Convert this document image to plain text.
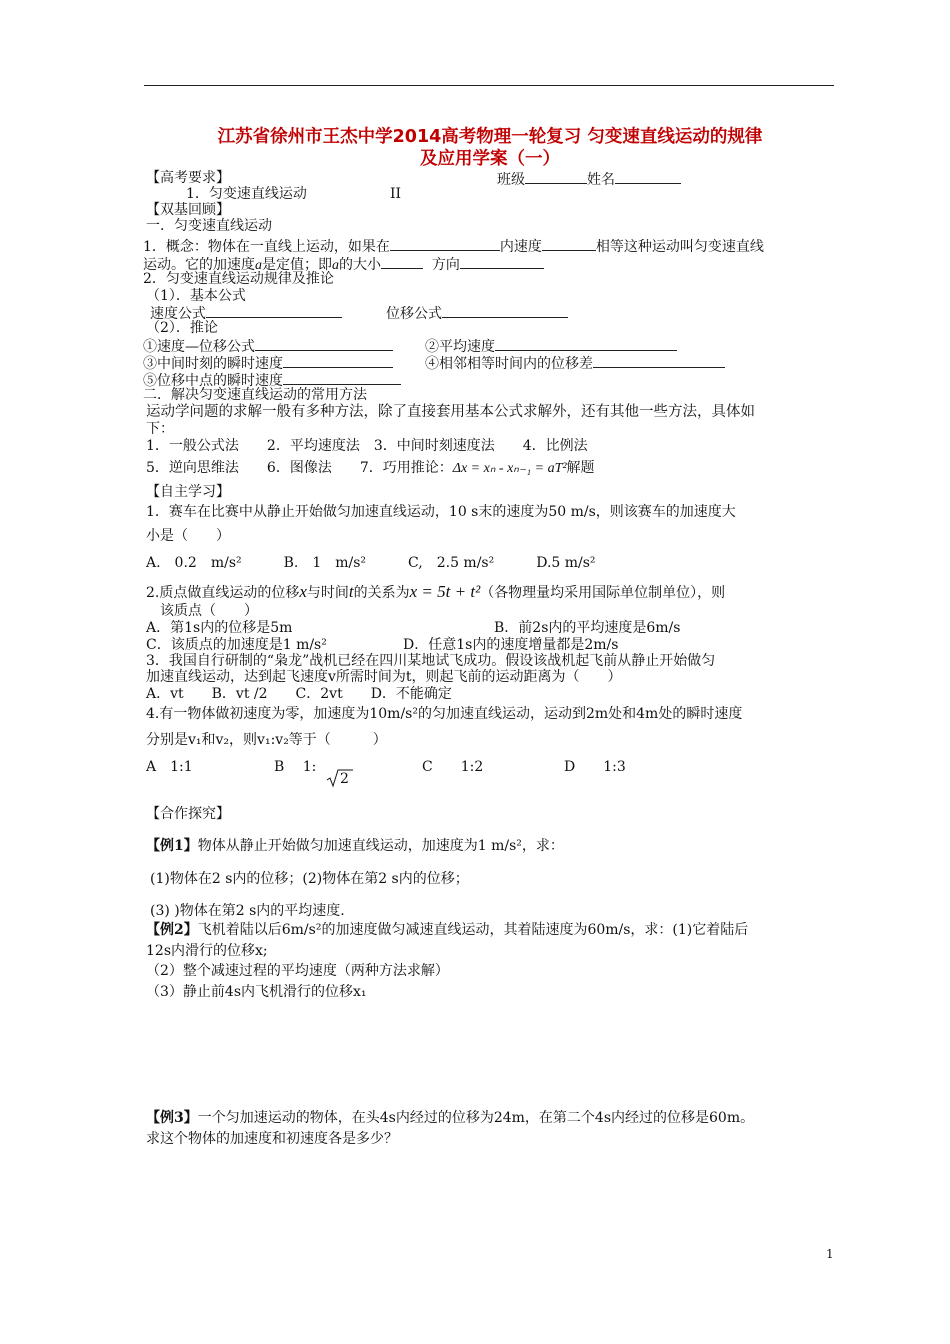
江苏省徐州市王杰中学2014高考物理一轮复习 匀变速直线运动的规律
及应用学案（一）
【高考要求】	班级	姓名
1．匀变速直线运动	II
【双基回顾】
一．匀变速直线运动
1．概念：物体在一直线上运动，如果在	内速度	相等这种运动叫匀变速直线
运动。它的加速度a是定值；即a的大小	方向
2．匀变速直线运动规律及推论
（1）．基本公式
速度公式	位移公式
（2）．推论
①速度—位移公式	②平均速度
③中间时刻的瞬时速度	④相邻相等时间内的位移差
⑤位移中点的瞬时速度
二．解决匀变速直线运动的常用方法
运动学问题的求解一般有多种方法，除了直接套用基本公式求解外，还有其他一些方法，具体如
下：
1．一般公式法　　2．平均速度法　3．中间时刻速度法　　4．比例法
5．逆向思维法　　6．图像法　　7．巧用推论：Δx = xₙ - xₙ₋₁ = aT²解题
【自主学习】
1．赛车在比赛中从静止开始做匀加速直线运动，10 s末的速度为50 m/s，则该赛车的加速度大
小是（　　）
A.　0.2　m/s²　　　B.　1　m/s²　　　C,　2.5 m/s²　　　D.5 m/s²
2.质点做直线运动的位移x与时间t的关系为x = 5t + t²（各物理量均采用国际单位制单位），则
该质点（　　）
A．第1s内的位移是5m	B．前2s内的平均速度是6m/s
C．该质点的加速度是1 m/s²	D．任意1s内的速度增量都是2m/s
3．我国自行研制的“枭龙”战机已经在四川某地试飞成功。假设该战机起飞前从静止开始做匀
加速直线运动，达到起飞速度v所需时间为t，则起飞前的运动距离为（　　）
A．vt　　B．vt /2　　C．2vt　　D．不能确定
4.有一物体做初速度为零，加速度为10m/s²的匀加速直线运动，运动到2m处和4m处的瞬时速度
分别是v₁和v₂，则v₁:v₂等于（　　　）
A　1:1	B　 1:
2
C　　1:2	D　　1:3
【合作探究】
【例1】物体从静止开始做匀加速直线运动，加速度为1 m/s²，求：
(1)物体在2 s内的位移；(2)物体在第2 s内的位移；
(3) )物体在第2 s内的平均速度.
【例2】飞机着陆以后6m/s²的加速度做匀减速直线运动，其着陆速度为60m/s，求：(1)它着陆后
12s内滑行的位移x;
（2）整个减速过程的平均速度（两种方法求解）
（3）静止前4s内飞机滑行的位移x₁
【例3】一个匀加速运动的物体，在头4s内经过的位移为24m，在第二个4s内经过的位移是60m。
求这个物体的加速度和初速度各是多少？
1
